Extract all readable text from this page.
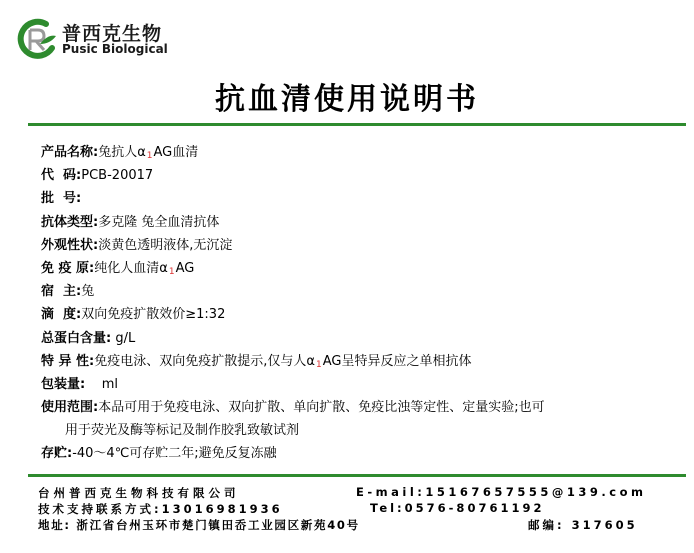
普西克生物
Pusic Biological
抗血清使用说明书
产品名称:兔抗人$\alpha_1AG$血清
代  码:PCB-20017
批  号:
抗体类型:多克隆 兔全血清抗体
外观性状:淡黄色透明液体,无沉淀
免 疫 原:纯化人血清$\alpha_1AG$
宿  主:兔
滴  度:双向免疫扩散效价≥1:32
总蛋白含量: g/L
特 异 性:免疫电泳、双向免疫扩散提示,仅与人$\alpha_1AG$呈特异反应之单相抗体
包装量:    ml
使用范围:本品可用于免疫电泳、双向扩散、单向扩散、免疫比浊等定性、定量实验;也可
用于荧光及酶等标记及制作胶乳致敏试剂
存贮:-40～4℃可存贮二年;避免反复冻融
台州普西克生物科技有限公司	E-mail:15167657555@139.com
技术支持联系方式:13016981936	Tel:0576-80761192
地址: 浙江省台州玉环市楚门镇田岙工业园区新苑40号	邮编: 317605
